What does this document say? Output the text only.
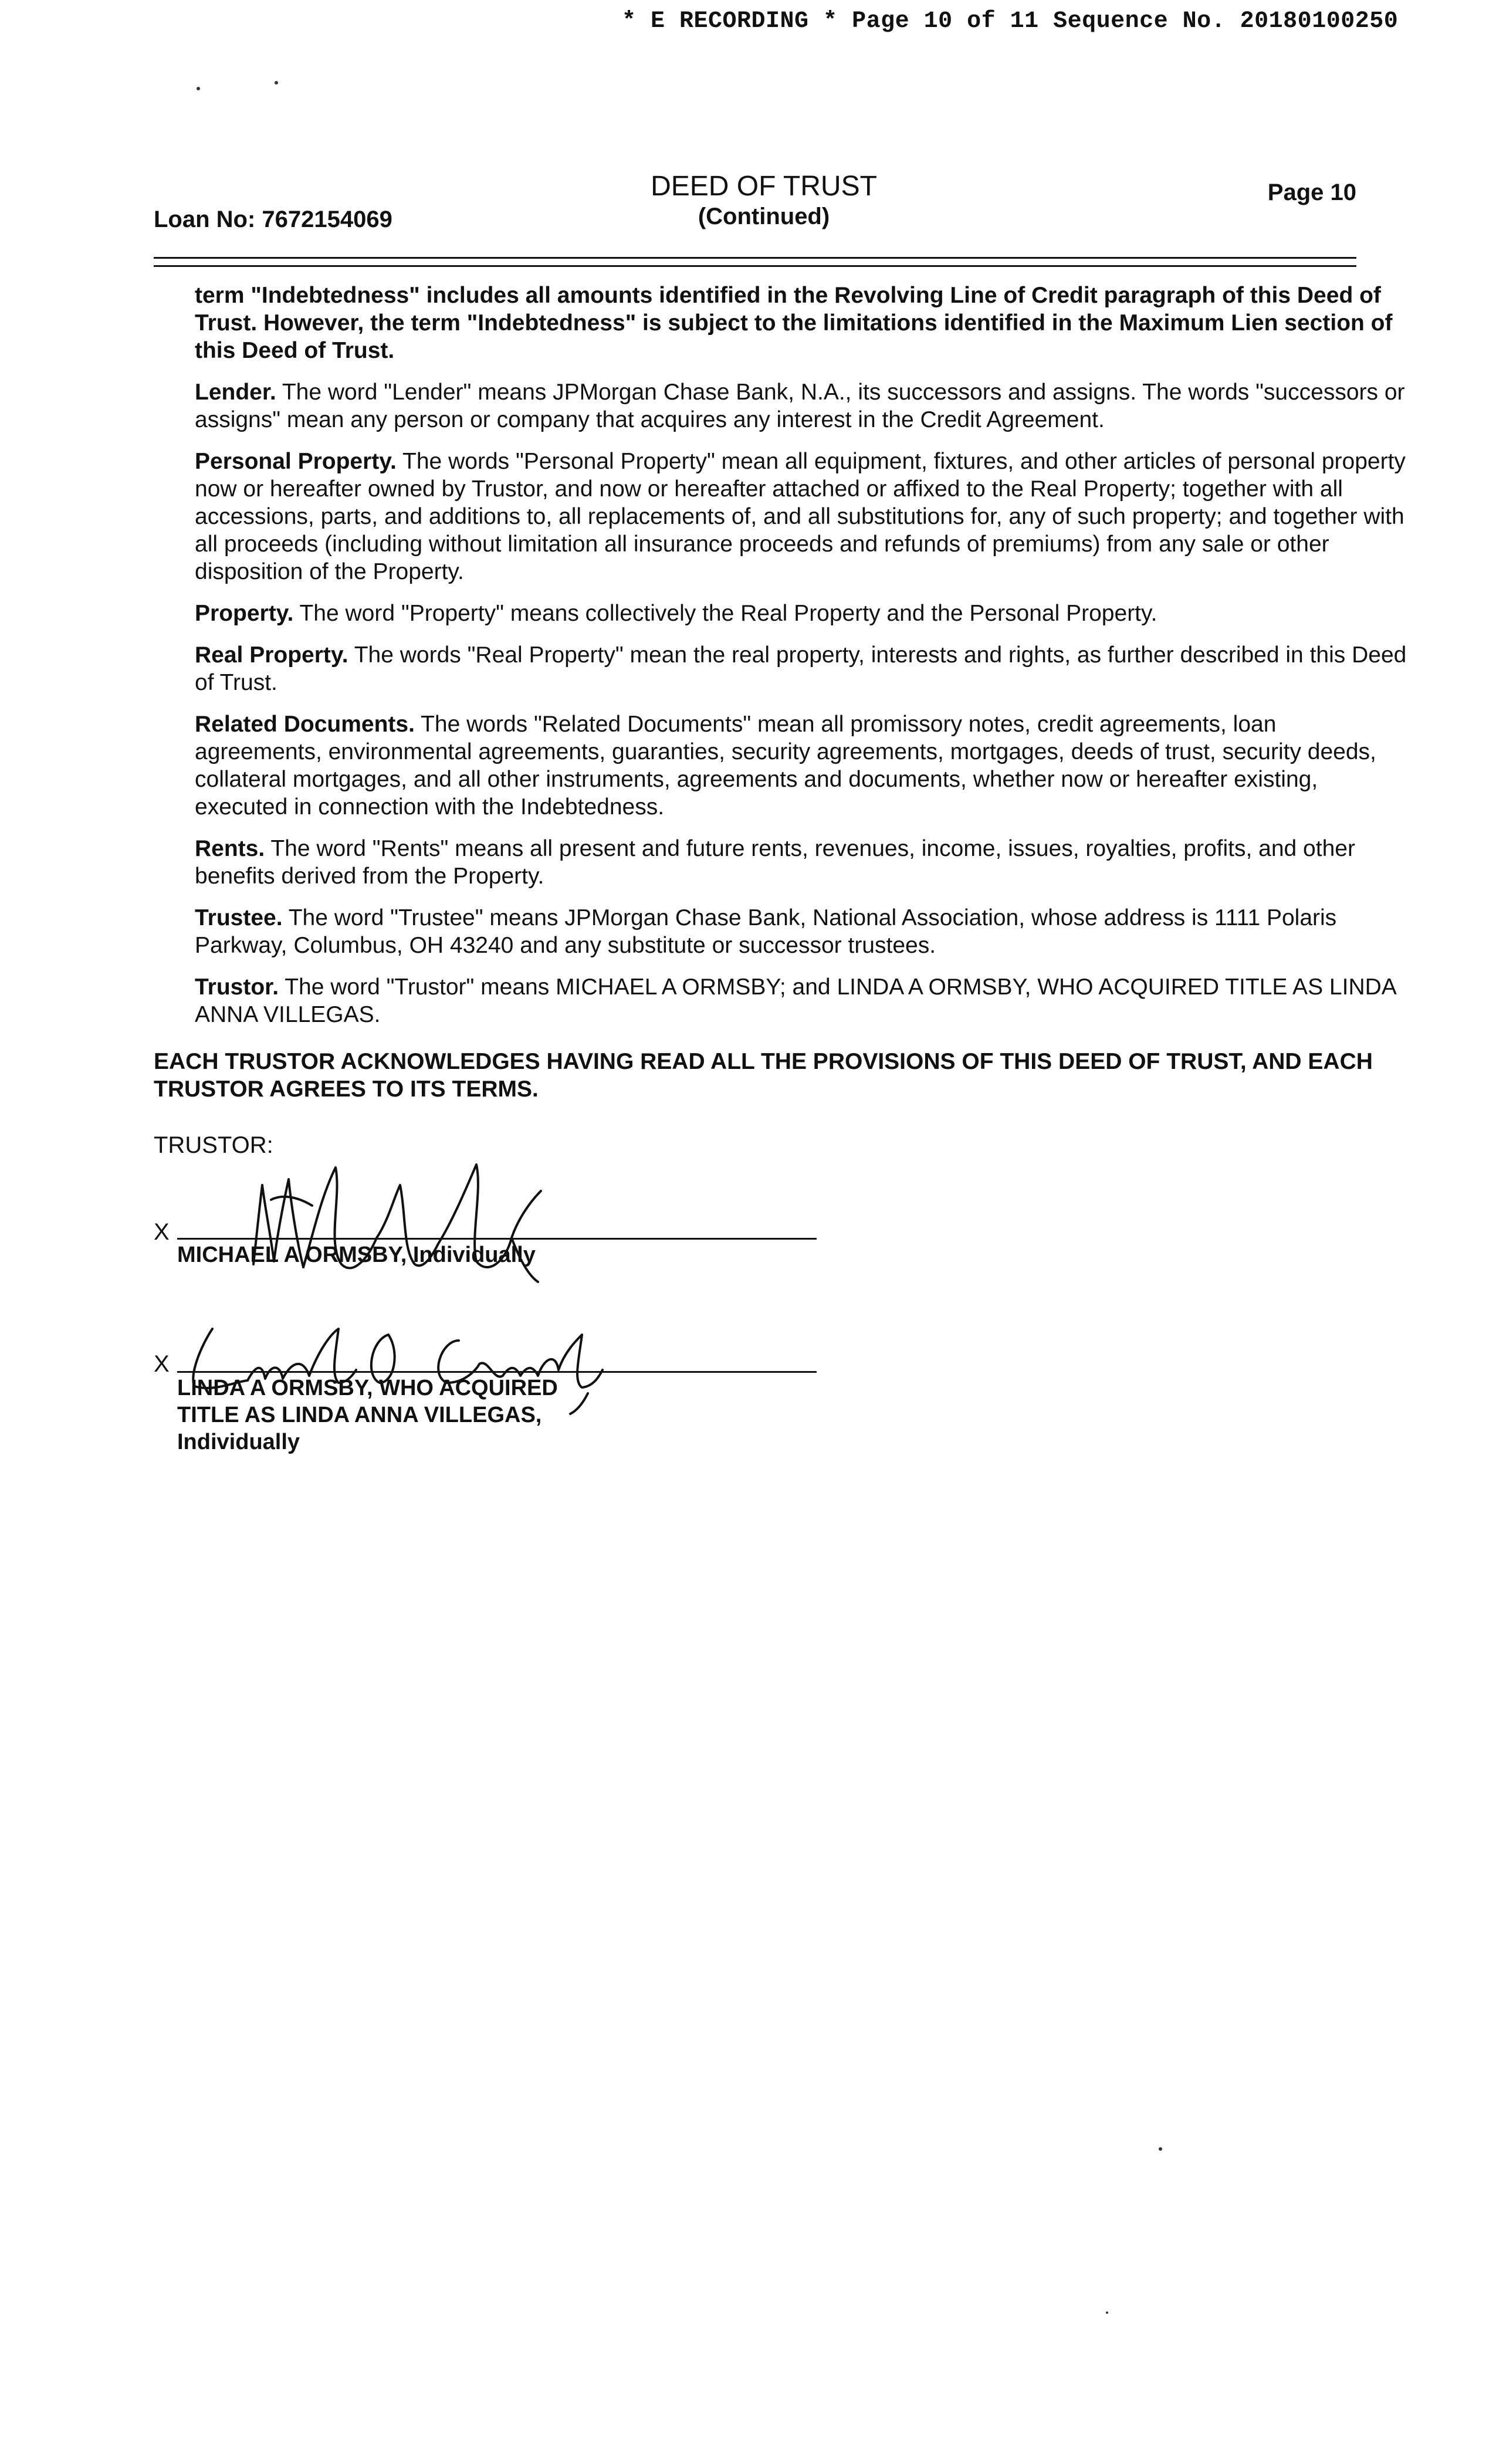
* E RECORDING * Page 10 of 11 Sequence No. 20180100250
Loan No: 7672154069
DEED OF TRUST
(Continued)
Page 10

term "Indebtedness" includes all amounts identified in the Revolving Line of Credit paragraph of this Deed of Trust. However, the term "Indebtedness" is subject to the limitations identified in the Maximum Lien section of this Deed of Trust.

Lender. The word "Lender" means JPMorgan Chase Bank, N.A., its successors and assigns. The words "successors or assigns" mean any person or company that acquires any interest in the Credit Agreement.

Personal Property. The words "Personal Property" mean all equipment, fixtures, and other articles of personal property now or hereafter owned by Trustor, and now or hereafter attached or affixed to the Real Property; together with all accessions, parts, and additions to, all replacements of, and all substitutions for, any of such property; and together with all proceeds (including without limitation all insurance proceeds and refunds of premiums) from any sale or other disposition of the Property.

Property. The word "Property" means collectively the Real Property and the Personal Property.

Real Property. The words "Real Property" mean the real property, interests and rights, as further described in this Deed of Trust.

Related Documents. The words "Related Documents" mean all promissory notes, credit agreements, loan agreements, environmental agreements, guaranties, security agreements, mortgages, deeds of trust, security deeds, collateral mortgages, and all other instruments, agreements and documents, whether now or hereafter existing, executed in connection with the Indebtedness.

Rents. The word "Rents" means all present and future rents, revenues, income, issues, royalties, profits, and other benefits derived from the Property.

Trustee. The word "Trustee" means JPMorgan Chase Bank, National Association, whose address is 1111 Polaris Parkway, Columbus, OH 43240 and any substitute or successor trustees.

Trustor. The word "Trustor" means MICHAEL A ORMSBY; and LINDA A ORMSBY, WHO ACQUIRED TITLE AS LINDA ANNA VILLEGAS.

EACH TRUSTOR ACKNOWLEDGES HAVING READ ALL THE PROVISIONS OF THIS DEED OF TRUST, AND EACH TRUSTOR AGREES TO ITS TERMS.
TRUSTOR:
X
MICHAEL A ORMSBY, Individually
X
LINDA A ORMSBY, WHO ACQUIRED
TITLE AS LINDA ANNA VILLEGAS,
Individually
